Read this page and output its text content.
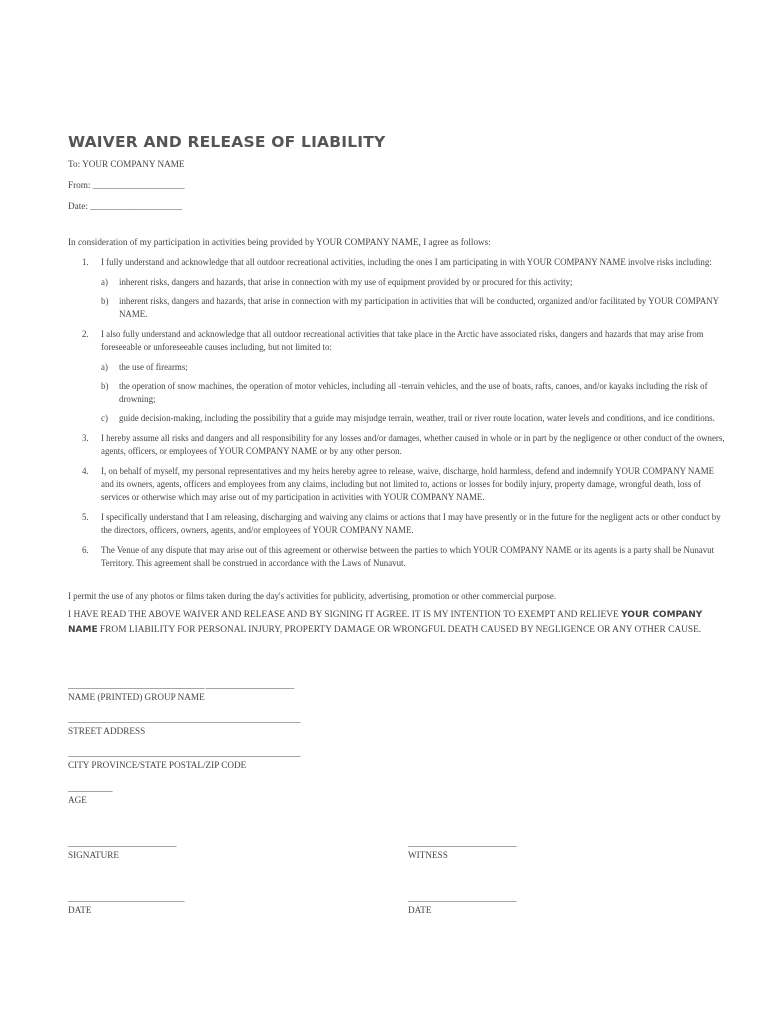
WAIVER AND RELEASE OF LIABILITY

To: YOUR COMPANY NAME

From: ____________________

Date: ____________________

In consideration of my participation in activities being provided by YOUR COMPANY NAME, I agree as follows:

1. I fully understand and acknowledge that all outdoor recreational activities, including the ones I am participating in with YOUR COMPANY NAME involve risks including:
a) inherent risks, dangers and hazards, that arise in connection with my use of equipment provided by or procured for this activity;
b) inherent risks, dangers and hazards, that arise in connection with my participation in activities that will be conducted, organized and/or facilitated by YOUR COMPANY NAME.
2. I also fully understand and acknowledge that all outdoor recreational activities that take place in the Arctic have associated risks, dangers and hazards that may arise from foreseeable or unforeseeable causes including, but not limited to:
a) the use of firearms;
b) the operation of snow machines, the operation of motor vehicles, including all -terrain vehicles, and the use of boats, rafts, canoes, and/or kayaks including the risk of drowning;
c) guide decision-making, including the possibility that a guide may misjudge terrain, weather, trail or river route location, water levels and conditions, and ice conditions.
3. I hereby assume all risks and dangers and all responsibility for any losses and/or damages, whether caused in whole or in part by the negligence or other conduct of the owners, agents, officers, or employees of YOUR COMPANY NAME or by any other person.
4. I, on behalf of myself, my personal representatives and my heirs hereby agree to release, waive, discharge, hold harmless, defend and indemnify YOUR COMPANY NAME and its owners, agents, officers and employees from any claims, including but not limited to, actions or losses for bodily injury, property damage, wrongful death, loss of services or otherwise which may arise out of my participation in activities with YOUR COMPANY NAME.
5. I specifically understand that I am releasing, discharging and waiving any claims or actions that I may have presently or in the future for the negligent acts or other conduct by the directors, officers, owners, agents, and/or employees of YOUR COMPANY NAME.
6. The Venue of any dispute that may arise out of this agreement or otherwise between the parties to which YOUR COMPANY NAME or its agents is a party shall be Nunavut Territory. This agreement shall be construed in accordance with the Laws of Nunavut.

I permit the use of any photos or films taken during the day's activities for publicity, advertising, promotion or other commercial purpose.

I HAVE READ THE ABOVE WAIVER AND RELEASE AND BY SIGNING IT AGREE. IT IS MY INTENTION TO EXEMPT AND RELIEVE YOUR COMPANY NAME FROM LIABILITY FOR PERSONAL INJURY, PROPERTY DAMAGE OR WRONGFUL DEATH CAUSED BY NEGLIGENCE OR ANY OTHER CAUSE.

__________________________________ ______________________
NAME (PRINTED) GROUP NAME
__________________________________________________________
STREET ADDRESS
__________________________________________________________
CITY PROVINCE/STATE POSTAL/ZIP CODE
___________
AGE
___________________________
SIGNATURE
___________________________
WITNESS
_____________________________
DATE
___________________________
DATE
